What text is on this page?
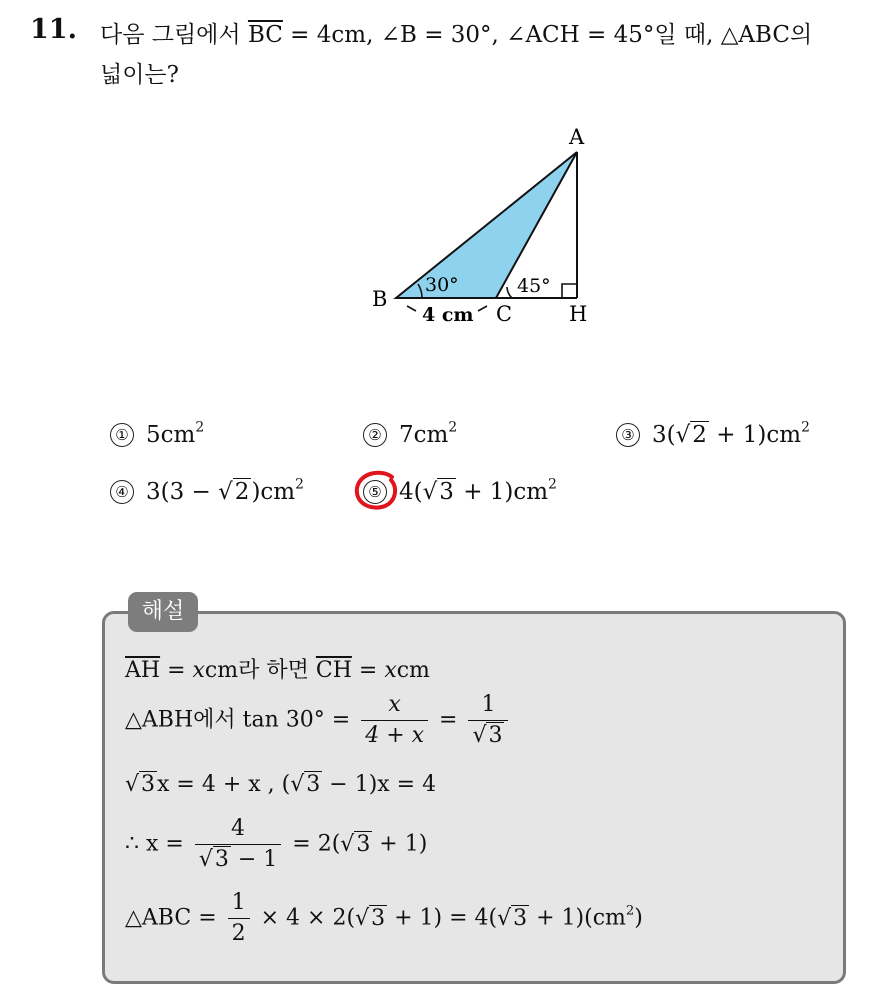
11. 다음 그림에서 $\overline{BC} = 4cm$, ∠B = 30°, ∠ACH = 45°일 때, △ABC의
넓이는?
A
B
C	H
30°	45°
4 cm
① $5cm^2$	② $7cm^2$	③ $3(√2 + 1)cm^2$
④ $3(3 - √2)cm^2$	⑤ $4(√3 + 1)cm^2$
해설
$\overline{AH}$ = xcm라 하면 $\overline{CH}$ = xcm
△ABH에서 $\tan 30^\circ = \frac{x}{4 + x} = \frac{1}{√3}$
√3x = 4 + x , (√3 − 1)x = 4
∴ $x = \frac{4}{√3 - 1} = 2(√3 + 1)$
△ABC = $\frac{1}{2} \times 4 \times 2(√3 + 1) = 4(√3 + 1)(cm^2)$
